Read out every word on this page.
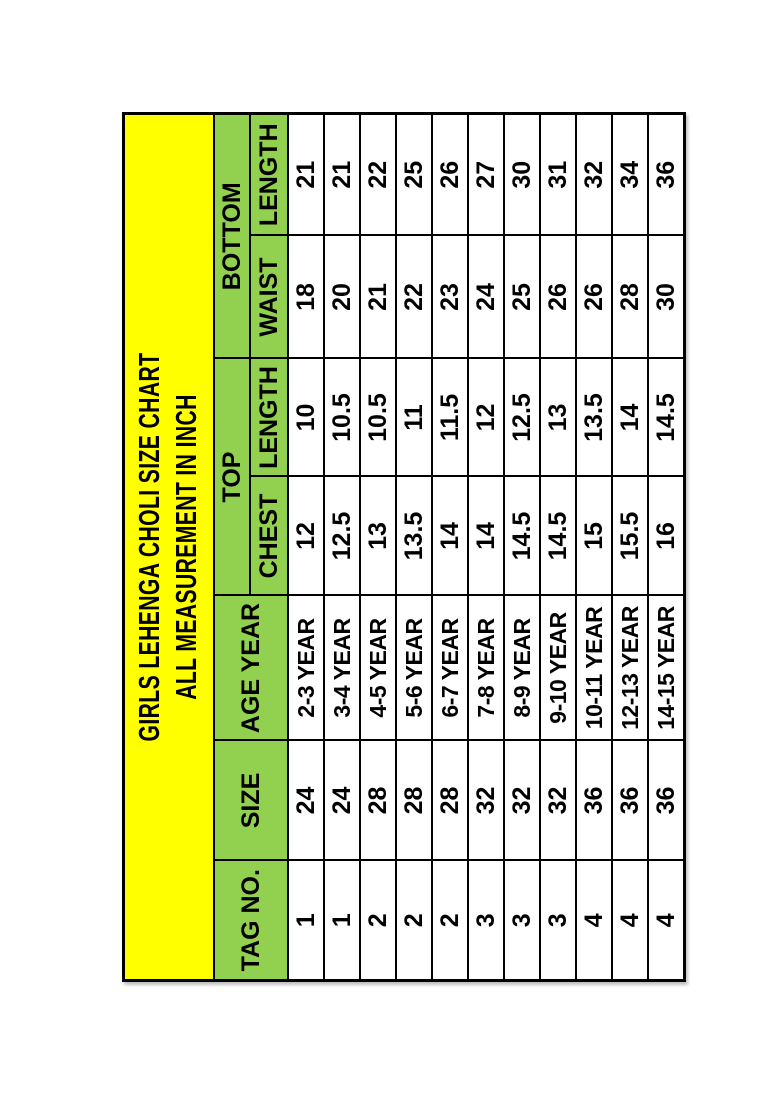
GIRLS LEHENGA CHOLI SIZE CHART ALL MEASUREMENT IN INCH						

TAG NO.	SIZE	AGE YEAR	TOP		BOTTOM	
			CHEST	LENGTH	WAIST	LENGTH
1	24	2-3 YEAR	12	10	18	21
1	24	3-4 YEAR	12.5	10.5	20	21
2	28	4-5 YEAR	13	10.5	21	22
2	28	5-6 YEAR	13.5	11	22	25
2	28	6-7 YEAR	14	11.5	23	26
3	32	7-8 YEAR	14	12	24	27
3	32	8-9 YEAR	14.5	12.5	25	30
3	32	9-10 YEAR	14.5	13	26	31
4	36	10-11 YEAR	15	13.5	26	32
4	36	12-13 YEAR	15.5	14	28	34
4	36	14-15 YEAR	16	14.5	30	36
